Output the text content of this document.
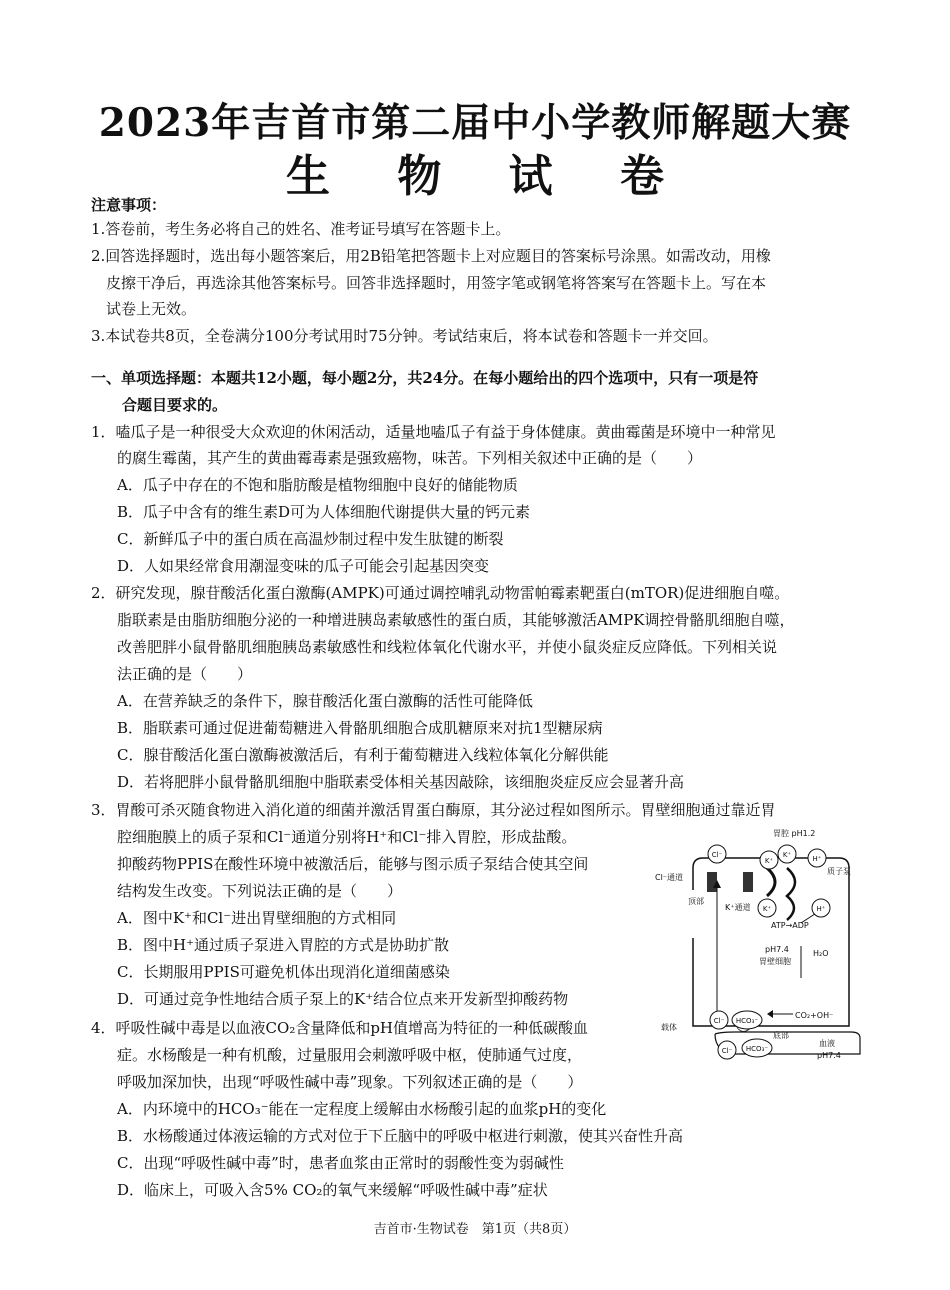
2023年吉首市第二届中小学教师解题大赛
生 物 试 卷
注意事项：
1.答卷前，考生务必将自己的姓名、准考证号填写在答题卡上。
2.回答选择题时，选出每小题答案后，用2B铅笔把答题卡上对应题目的答案标号涂黑。如需改动，用橡
皮擦干净后，再选涂其他答案标号。回答非选择题时，用签字笔或钢笔将答案写在答题卡上。写在本
试卷上无效。
3.本试卷共8页，全卷满分100分考试用时75分钟。考试结束后，将本试卷和答题卡一并交回。
一、单项选择题：本题共12小题，每小题2分，共24分。在每小题给出的四个选项中，只有一项是符
合题目要求的。
1．嗑瓜子是一种很受大众欢迎的休闲活动，适量地嗑瓜子有益于身体健康。黄曲霉菌是环境中一种常见
的腐生霉菌，其产生的黄曲霉毒素是强致癌物，味苦。下列相关叙述中正确的是（　　）
A．瓜子中存在的不饱和脂肪酸是植物细胞中良好的储能物质
B．瓜子中含有的维生素D可为人体细胞代谢提供大量的钙元素
C．新鲜瓜子中的蛋白质在高温炒制过程中发生肽键的断裂
D．人如果经常食用潮湿变味的瓜子可能会引起基因突变
2．研究发现，腺苷酸活化蛋白激酶(AMPK)可通过调控哺乳动物雷帕霉素靶蛋白(mTOR)促进细胞自噬。
脂联素是由脂肪细胞分泌的一种增进胰岛素敏感性的蛋白质，其能够激活AMPK调控骨骼肌细胞自噬，
改善肥胖小鼠骨骼肌细胞胰岛素敏感性和线粒体氧化代谢水平，并使小鼠炎症反应降低。下列相关说
法正确的是（　　）
A．在营养缺乏的条件下，腺苷酸活化蛋白激酶的活性可能降低
B．脂联素可通过促进葡萄糖进入骨骼肌细胞合成肌糖原来对抗1型糖尿病
C．腺苷酸活化蛋白激酶被激活后，有利于葡萄糖进入线粒体氧化分解供能
D．若将肥胖小鼠骨骼肌细胞中脂联素受体相关基因敲除，该细胞炎症反应会显著升高
3．胃酸可杀灭随食物进入消化道的细菌并激活胃蛋白酶原，其分泌过程如图所示。胃壁细胞通过靠近胃
腔细胞膜上的质子泵和Cl⁻通道分别将H⁺和Cl⁻排入胃腔，形成盐酸。
抑酸药物PPIS在酸性环境中被激活后，能够与图示质子泵结合使其空间
结构发生改变。下列说法正确的是（　　）
A．图中K⁺和Cl⁻进出胃壁细胞的方式相同
B．图中H⁺通过质子泵进入胃腔的方式是协助扩散
C．长期服用PPIS可避免机体出现消化道细菌感染
D．可通过竞争性地结合质子泵上的K⁺结合位点来开发新型抑酸药物
4．呼吸性碱中毒是以血液CO₂含量降低和pH值增高为特征的一种低碳酸血
症。水杨酸是一种有机酸，过量服用会刺激呼吸中枢，使肺通气过度，
呼吸加深加快，出现“呼吸性碱中毒”现象。下列叙述正确的是（　　）
A．内环境中的HCO₃⁻能在一定程度上缓解由水杨酸引起的血浆pH的变化
B．水杨酸通过体液运输的方式对位于下丘脑中的呼吸中枢进行刺激，使其兴奋性升高
C．出现“呼吸性碱中毒”时，患者血浆由正常时的弱酸性变为弱碱性
D．临床上，可吸入含5% CO₂的氧气来缓解“呼吸性碱中毒”症状
胃腔 pH1.2
Cl⁻
K⁺
K⁺	H⁺
K⁺	H⁺
Cl⁻通道
质子泵
顶部
K⁺通道
ATP→ADP
pH7.4
胃壁细胞
H₂O
CO₂+OH⁻
底部
Cl⁻ HCO₃⁻
载体
Cl⁻ HCO₃⁻
血液
pH7.4
吉首市·生物试卷　第1页（共8页）
